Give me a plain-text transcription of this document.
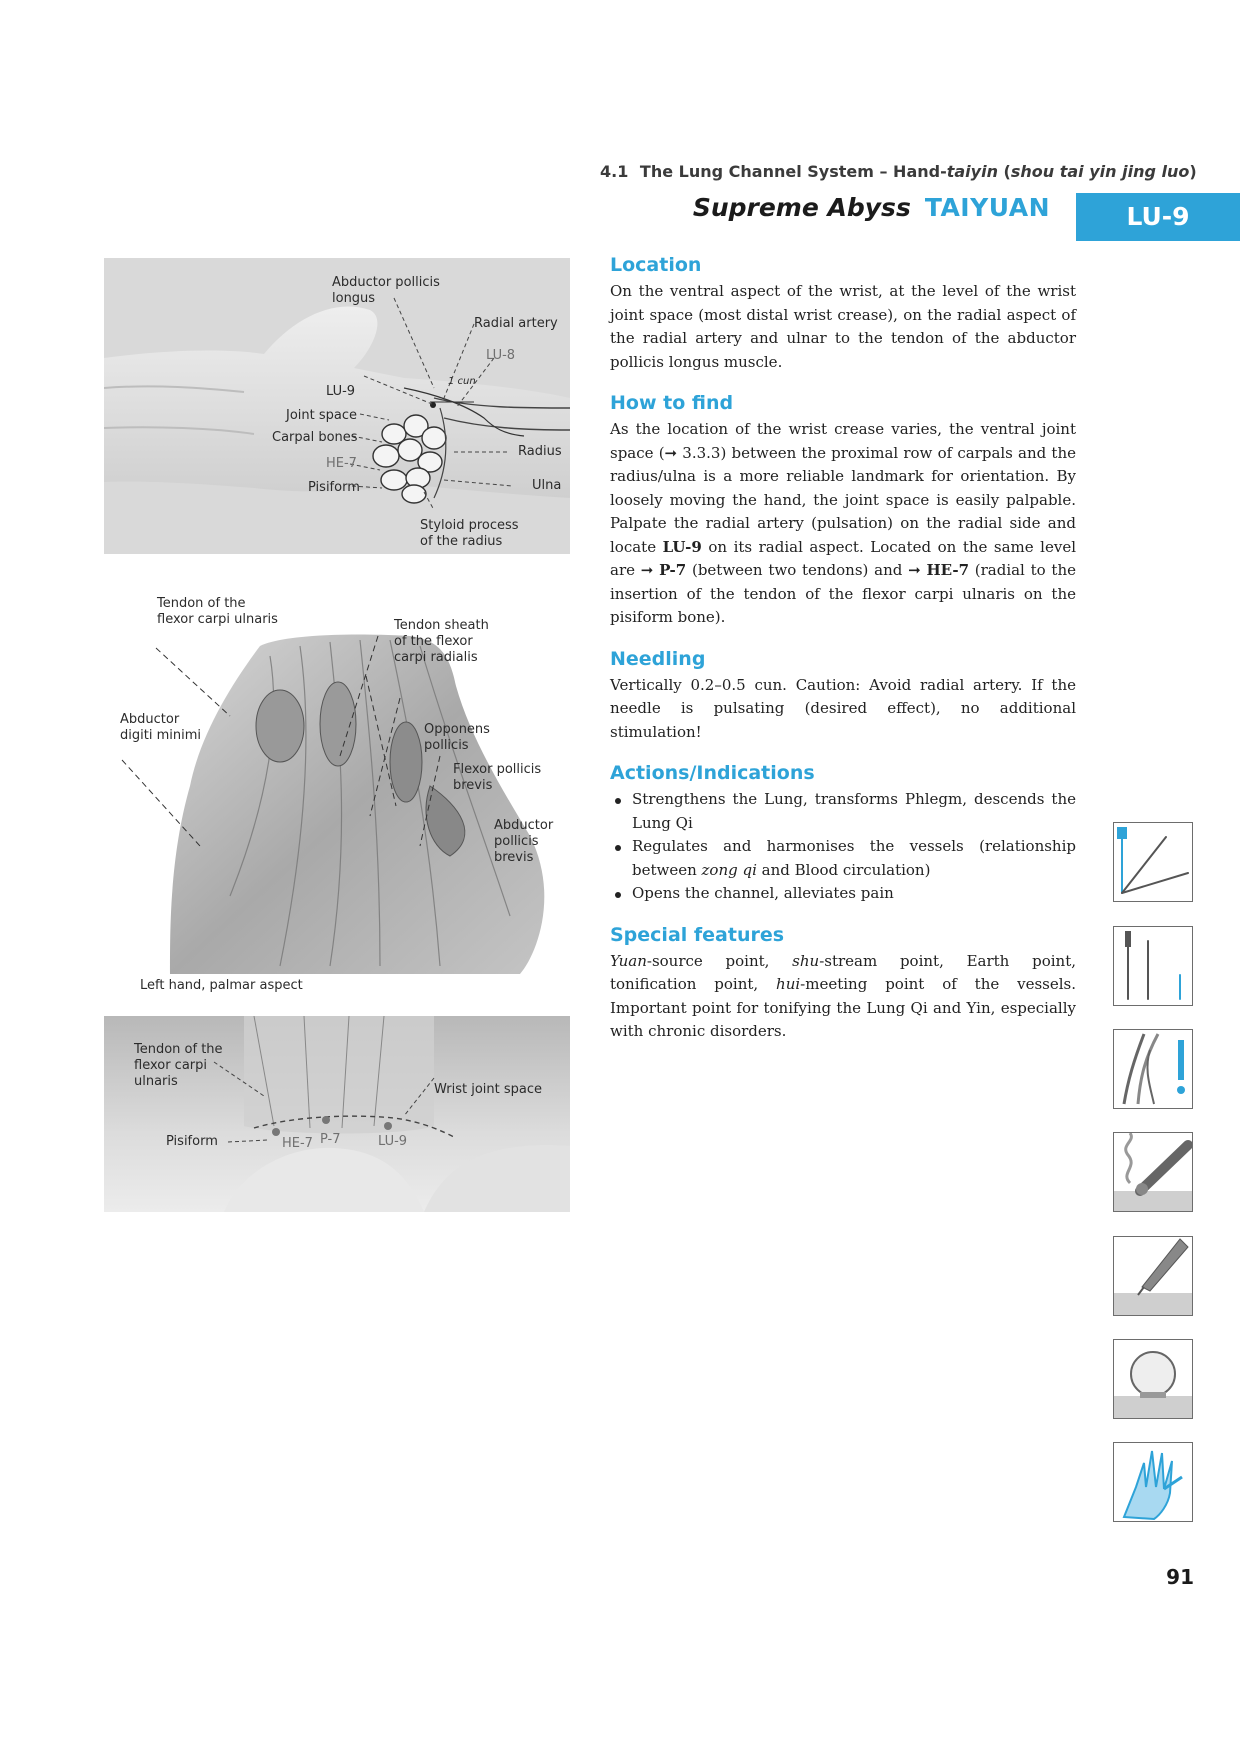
4.1 The Lung Channel System – Hand-taiyin (shou tai yin jing luo)
Supreme Abyss TAIYUAN	LU-9
Location

On the ventral aspect of the wrist, at the level of the wrist joint space (most distal wrist crease), on the radial aspect of the radial artery and ulnar to the tendon of the abductor pollicis longus muscle.

How to find

As the location of the wrist crease varies, the ventral joint space (➞ 3.3.3) between the proximal row of carpals and the radius/ulna is a more reliable landmark for orientation. By loosely moving the hand, the joint space is easily palpable. Palpate the radial artery (pulsation) on the radial side and locate LU-9 on its radial aspect. Located on the same level are ➞ P-7 (between two tendons) and ➞ HE-7 (radial to the insertion of the tendon of the flexor carpi ulnaris on the pisiform bone).

Needling

Vertically 0.2–0.5 cun. Caution: Avoid radial artery. If the needle is pulsating (desired effect), no additional stimulation!

Actions/Indications
Strengthens the Lung, transforms Phlegm, descends the Lung Qi
Regulates and harmonises the vessels (relationship between zong qi and Blood circulation)
Opens the channel, alleviates pain
Special features

Yuan-source point, shu-stream point, Earth point, tonification point, hui-meeting point of the vessels. Important point for tonifying the Lung Qi and Yin, especially with chronic disorders.

Abductor pollicis
longus
Radial artery
LU-8
1 cun
LU-9
Joint space
Carpal bones
Radius
HE-7
Ulna
Pisiform
Styloid process
of the radius
Tendon of the
flexor carpi ulnaris	Tendon sheath
of the flexor
carpi radialis
Abductor
digiti minimi	Opponens
pollicis
Flexor pollicis
brevis
Abductor
pollicis
brevis
Left hand, palmar aspect
Tendon of the
flexor carpi
ulnaris
Wrist joint space
Pisiform	HE-7 P-7	LU-9
91
